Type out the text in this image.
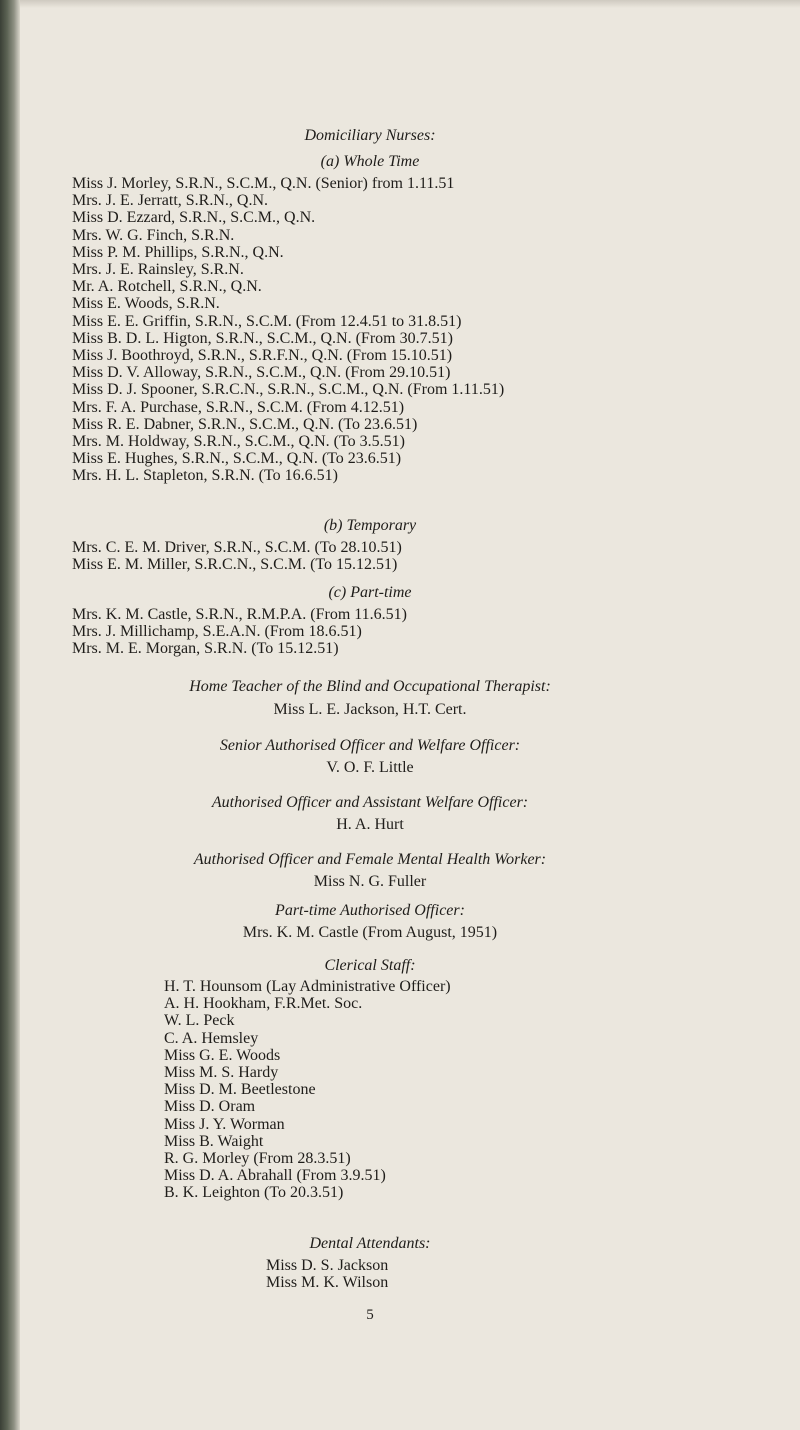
Domiciliary Nurses:
(a) Whole Time
Miss J. Morley, S.R.N., S.C.M., Q.N. (Senior) from 1.11.51
Mrs. J. E. Jerratt, S.R.N., Q.N.
Miss D. Ezzard, S.R.N., S.C.M., Q.N.
Mrs. W. G. Finch, S.R.N.
Miss P. M. Phillips, S.R.N., Q.N.
Mrs. J. E. Rainsley, S.R.N.
Mr. A. Rotchell, S.R.N., Q.N.
Miss E. Woods, S.R.N.
Miss E. E. Griffin, S.R.N., S.C.M. (From 12.4.51 to 31.8.51)
Miss B. D. L. Higton, S.R.N., S.C.M., Q.N. (From 30.7.51)
Miss J. Boothroyd, S.R.N., S.R.F.N., Q.N. (From 15.10.51)
Miss D. V. Alloway, S.R.N., S.C.M., Q.N. (From 29.10.51)
Miss D. J. Spooner, S.R.C.N., S.R.N., S.C.M., Q.N. (From 1.11.51)
Mrs. F. A. Purchase, S.R.N., S.C.M. (From 4.12.51)
Miss R. E. Dabner, S.R.N., S.C.M., Q.N. (To 23.6.51)
Mrs. M. Holdway, S.R.N., S.C.M., Q.N. (To 3.5.51)
Miss E. Hughes, S.R.N., S.C.M., Q.N. (To 23.6.51)
Mrs. H. L. Stapleton, S.R.N. (To 16.6.51)
(b) Temporary
Mrs. C. E. M. Driver, S.R.N., S.C.M. (To 28.10.51)
Miss E. M. Miller, S.R.C.N., S.C.M. (To 15.12.51)
(c) Part-time
Mrs. K. M. Castle, S.R.N., R.M.P.A. (From 11.6.51)
Mrs. J. Millichamp, S.E.A.N. (From 18.6.51)
Mrs. M. E. Morgan, S.R.N. (To 15.12.51)
Home Teacher of the Blind and Occupational Therapist:
Miss L. E. Jackson, H.T. Cert.
Senior Authorised Officer and Welfare Officer:
V. O. F. Little
Authorised Officer and Assistant Welfare Officer:
H. A. Hurt
Authorised Officer and Female Mental Health Worker:
Miss N. G. Fuller
Part-time Authorised Officer:
Mrs. K. M. Castle (From August, 1951)
Clerical Staff:
H. T. Hounsom (Lay Administrative Officer)
A. H. Hookham, F.R.Met. Soc.
W. L. Peck
C. A. Hemsley
Miss G. E. Woods
Miss M. S. Hardy
Miss D. M. Beetlestone
Miss D. Oram
Miss J. Y. Worman
Miss B. Waight
R. G. Morley (From 28.3.51)
Miss D. A. Abrahall (From 3.9.51)
B. K. Leighton (To 20.3.51)
Dental Attendants:
Miss D. S. Jackson
Miss M. K. Wilson
5
